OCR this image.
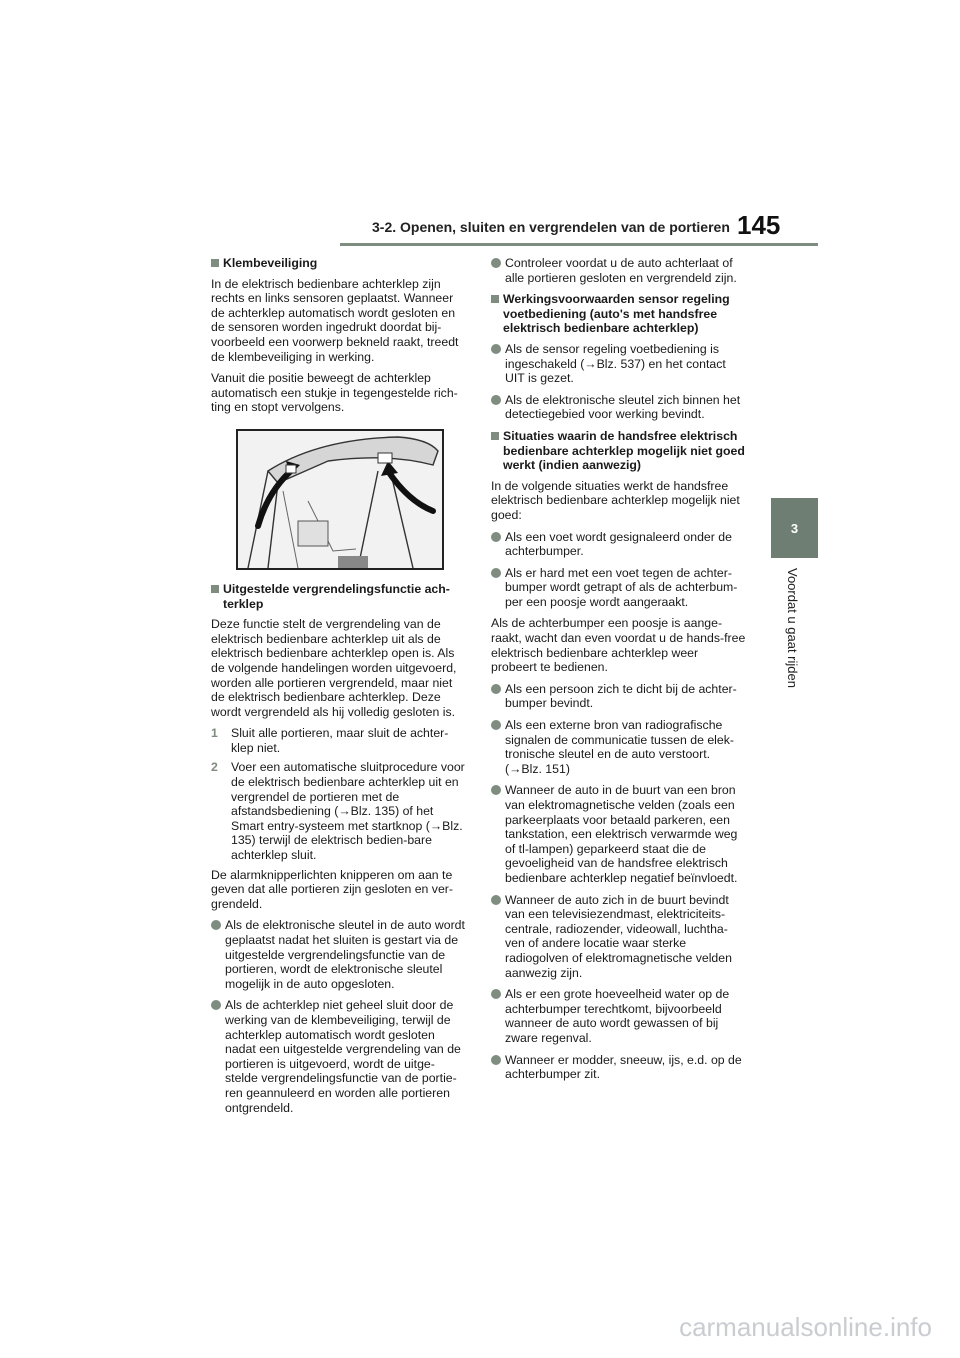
3-2. Openen, sluiten en vergrendelen van de portieren 145
3
Voordat u gaat rijden
Klembeveiliging

In de elektrisch bedienbare achterklep zijn rechts en links sensoren geplaatst. Wanneer de achterklep automatisch wordt gesloten en de sensoren worden ingedrukt doordat bij-voorbeeld een voorwerp bekneld raakt, treedt de klembeveiliging in werking.

Vanuit die positie beweegt de achterklep automatisch een stukje in tegengestelde rich-ting en stopt vervolgens.

Uitgestelde vergrendelingsfunctie ach-terklep

Deze functie stelt de vergrendeling van de elektrisch bedienbare achterklep uit als de elektrisch bedienbare achterklep open is. Als de volgende handelingen worden uitgevoerd, worden alle portieren vergrendeld, maar niet de elektrisch bedienbare achterklep. Deze wordt vergrendeld als hij volledig gesloten is.

1 Sluit alle portieren, maar sluit de achter-klep niet.
2 Voer een automatische sluitprocedure voor de elektrisch bedienbare achterklep uit en vergrendel de portieren met de afstandsbediening (→Blz. 135) of het Smart entry-systeem met startknop (→Blz. 135) terwijl de elektrisch bedien-bare achterklep sluit.

De alarmknipperlichten knipperen om aan te geven dat alle portieren zijn gesloten en ver-grendeld.

Als de elektronische sleutel in de auto wordt geplaatst nadat het sluiten is gestart via de uitgestelde vergrendelingsfunctie van de portieren, wordt de elektronische sleutel mogelijk in de auto opgesloten.
Als de achterklep niet geheel sluit door de werking van de klembeveiliging, terwijl de achterklep automatisch wordt gesloten nadat een uitgestelde vergrendeling van de portieren is uitgevoerd, wordt de uitge-stelde vergrendelingsfunctie van de portie-ren geannuleerd en worden alle portieren ontgrendeld.
Controleer voordat u de auto achterlaat of alle portieren gesloten en vergrendeld zijn.
Werkingsvoorwaarden sensor regeling voetbediening (auto's met handsfree elektrisch bedienbare achterklep)
Als de sensor regeling voetbediening is ingeschakeld (→Blz. 537) en het contact UIT is gezet.
Als de elektronische sleutel zich binnen het detectiegebied voor werking bevindt.
Situaties waarin de handsfree elektrisch bedienbare achterklep mogelijk niet goed werkt (indien aanwezig)

In de volgende situaties werkt de handsfree elektrisch bedienbare achterklep mogelijk niet goed:

Als een voet wordt gesignaleerd onder de achterbumper.
Als er hard met een voet tegen de achter-bumper wordt getrapt of als de achterbum-per een poosje wordt aangeraakt.

Als de achterbumper een poosje is aange-raakt, wacht dan even voordat u de hands-free elektrisch bedienbare achterklep weer probeert te bedienen.

Als een persoon zich te dicht bij de achter-bumper bevindt.
Als een externe bron van radiografische signalen de communicatie tussen de elek-tronische sleutel en de auto verstoort. (→Blz. 151)
Wanneer de auto in de buurt van een bron van elektromagnetische velden (zoals een parkeerplaats voor betaald parkeren, een tankstation, een elektrisch verwarmde weg of tl-lampen) geparkeerd staat die de gevoeligheid van de handsfree elektrisch bedienbare achterklep negatief beïnvloedt.
Wanneer de auto zich in de buurt bevindt van een televisiezendmast, elektriciteits-centrale, radiozender, videowall, luchtha-ven of andere locatie waar sterke radiogolven of elektromagnetische velden aanwezig zijn.
Als er een grote hoeveelheid water op de achterbumper terechtkomt, bijvoorbeeld wanneer de auto wordt gewassen of bij zware regenval.
Wanneer er modder, sneeuw, ijs, e.d. op de achterbumper zit.
carmanualsonline.info
